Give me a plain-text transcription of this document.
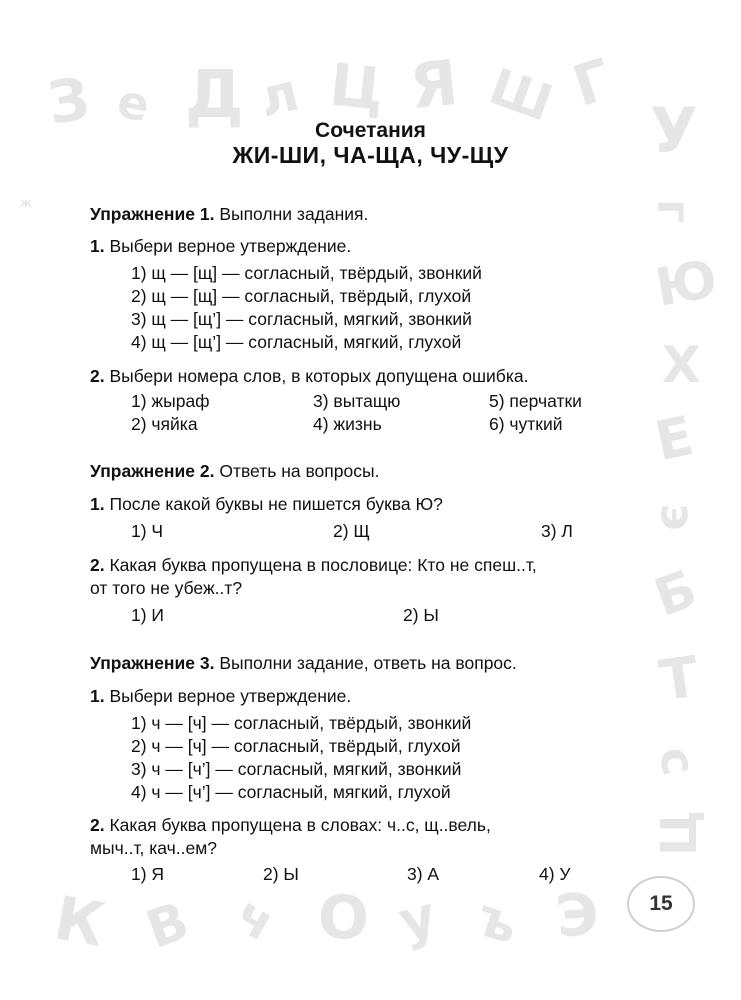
З е Д л Ц Я Ш Г
У
г
Ю
Х
Е
э
Б
Т
с
Ц
К В ч О у ъ Э
Ж
Сочетания
ЖИ-ШИ, ЧА-ЩА, ЧУ-ЩУ
Упражнение 1. Выполни задания.
1. Выбери верное утверждение.
1) щ — [щ] — согласный, твёрдый, звонкий
2) щ — [щ] — согласный, твёрдый, глухой
3) щ — [щ’] — согласный, мягкий, звонкий
4) щ — [щ’] — согласный, мягкий, глухой
2. Выбери номера слов, в которых допущена ошибка.
1) жыраф	3) вытащю	5) перчатки
2) чяйка	4) жизнь	6) чуткий
Упражнение 2. Ответь на вопросы.
1. После какой буквы не пишется буква Ю?
1) Ч	2) Щ	3) Л
2. Какая буква пропущена в пословице: Кто не спеш..т,
от того не убеж..т?
1) И	2) Ы
Упражнение 3. Выполни задание, ответь на вопрос.
1. Выбери верное утверждение.
1) ч — [ч] — согласный, твёрдый, звонкий
2) ч — [ч] — согласный, твёрдый, глухой
3) ч — [ч’] — согласный, мягкий, звонкий
4) ч — [ч’] — согласный, мягкий, глухой
2. Какая буква пропущена в словах: ч..с, щ..вель,
мыч..т, кач..ем?
1) Я	2) Ы	3) А	4) У
15
